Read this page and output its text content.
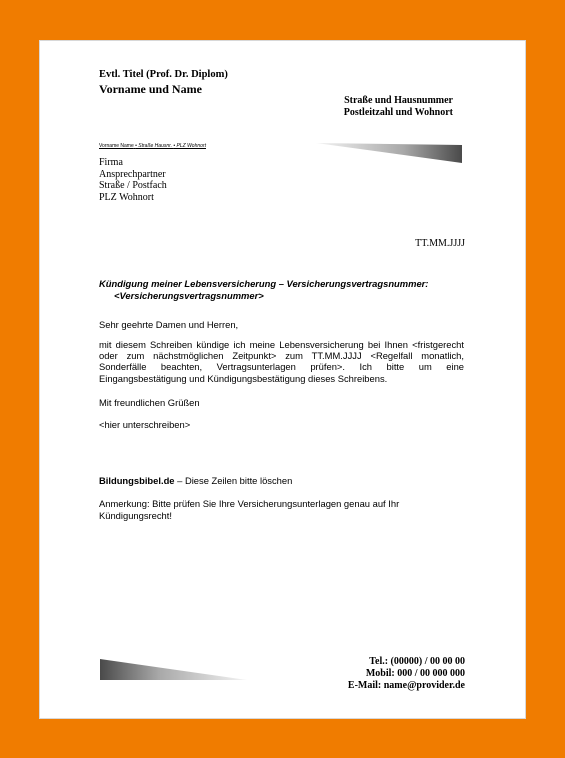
Evtl. Titel (Prof. Dr. Diplom)
Vorname und Name
Straße und Hausnummer
Postleitzahl und Wohnort
Vorname Name • Straße Hausnr. • PLZ Wohnort
Firma
Ansprechpartner
Straße / Postfach
PLZ Wohnort
TT.MM.JJJJ
Kündigung meiner Lebensversicherung – Versicherungsvertragsnummer:
<Versicherungsvertragsnummer>
Sehr geehrte Damen und Herren,
mit diesem Schreiben kündige ich meine Lebensversicherung bei Ihnen <fristgerecht oder zum nächstmöglichen Zeitpunkt> zum TT.MM.JJJJ <Regelfall monatlich, Sonderfälle beachten, Vertragsunterlagen prüfen>. Ich bitte um eine Eingangsbestätigung und Kündigungsbestätigung dieses Schreibens.
Mit freundlichen Grüßen
<hier unterschreiben>
Bildungsbibel.de – Diese Zeilen bitte löschen
Anmerkung: Bitte prüfen Sie Ihre Versicherungsunterlagen genau auf Ihr Kündigungsrecht!
Tel.: (00000) / 00 00 00
Mobil: 000 / 00 000 000
E-Mail: name@provider.de
